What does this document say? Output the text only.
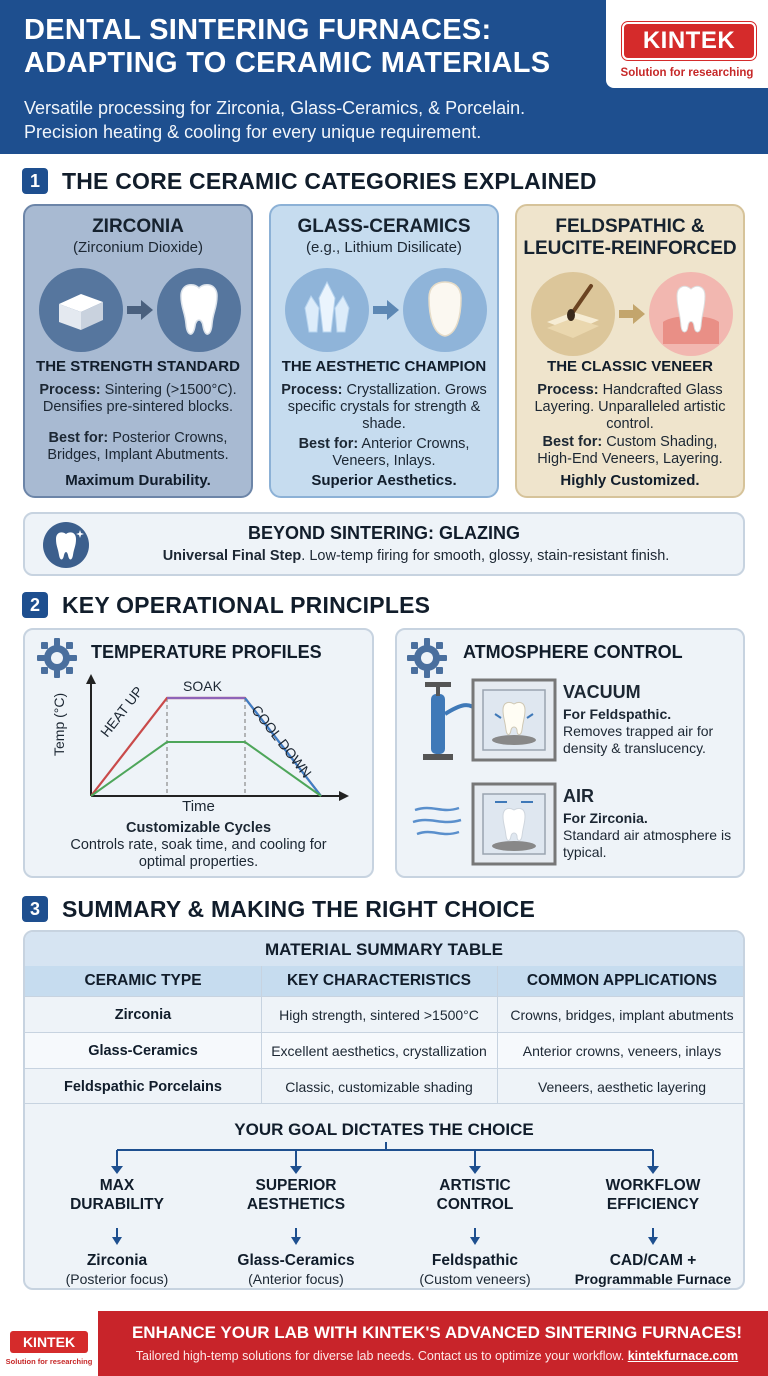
DENTAL SINTERING FURNACES: ADAPTING TO CERAMIC MATERIALS
Versatile processing for Zirconia, Glass-Ceramics, & Porcelain. Precision heating & cooling for every unique requirement.
KINTEK
Solution for researching
1 THE CORE CERAMIC CATEGORIES EXPLAINED
ZIRCONIA
(Zirconium Dioxide)
THE STRENGTH STANDARD
Process: Sintering (>1500°C). Densifies pre-sintered blocks.
Best for: Posterior Crowns, Bridges, Implant Abutments.
Maximum Durability.
GLASS-CERAMICS
(e.g., Lithium Disilicate)
THE AESTHETIC CHAMPION
Process: Crystallization. Grows specific crystals for strength & shade.
Best for: Anterior Crowns, Veneers, Inlays.
Superior Aesthetics.
FELDSPATHIC & LEUCITE-REINFORCED
THE CLASSIC VENEER
Process: Handcrafted Glass Layering. Unparalleled artistic control.
Best for: Custom Shading, High-End Veneers, Layering.
Highly Customized.
BEYOND SINTERING: GLAZING
Universal Final Step. Low-temp firing for smooth, glossy, stain-resistant finish.
2 KEY OPERATIONAL PRINCIPLES
TEMPERATURE PROFILES
Temp (°C) HEAT UP	SOAK
COOL DOWN
Time
Customizable Cycles
Controls rate, soak time, and cooling for optimal properties.
ATMOSPHERE CONTROL
VACUUM
For Feldspathic.
Removes trapped air for density & translucency.
AIR
For Zirconia.
Standard air atmosphere is typical.
3 SUMMARY & MAKING THE RIGHT CHOICE
MATERIAL SUMMARY TABLE
CERAMIC TYPE	KEY CHARACTERISTICS	COMMON APPLICATIONS
Zirconia	High strength, sintered >1500°C	Crowns, bridges, implant abutments
Glass-Ceramics	Excellent aesthetics, crystallization	Anterior crowns, veneers, inlays
Feldspathic Porcelains	Classic, customizable shading	Veneers, aesthetic layering
YOUR GOAL DICTATES THE CHOICE
MAX
DURABILITY
Zirconia
(Posterior focus)
SUPERIOR
AESTHETICS
Glass-Ceramics
(Anterior focus)
ARTISTIC
CONTROL
Feldspathic
(Custom veneers)
WORKFLOW
EFFICIENCY
CAD/CAM +
Programmable Furnace
KINTEK
Solution for researching
ENHANCE YOUR LAB WITH KINTEK'S ADVANCED SINTERING FURNACES!
Tailored high-temp solutions for diverse lab needs. Contact us to optimize your workflow. kintekfurnace.com
